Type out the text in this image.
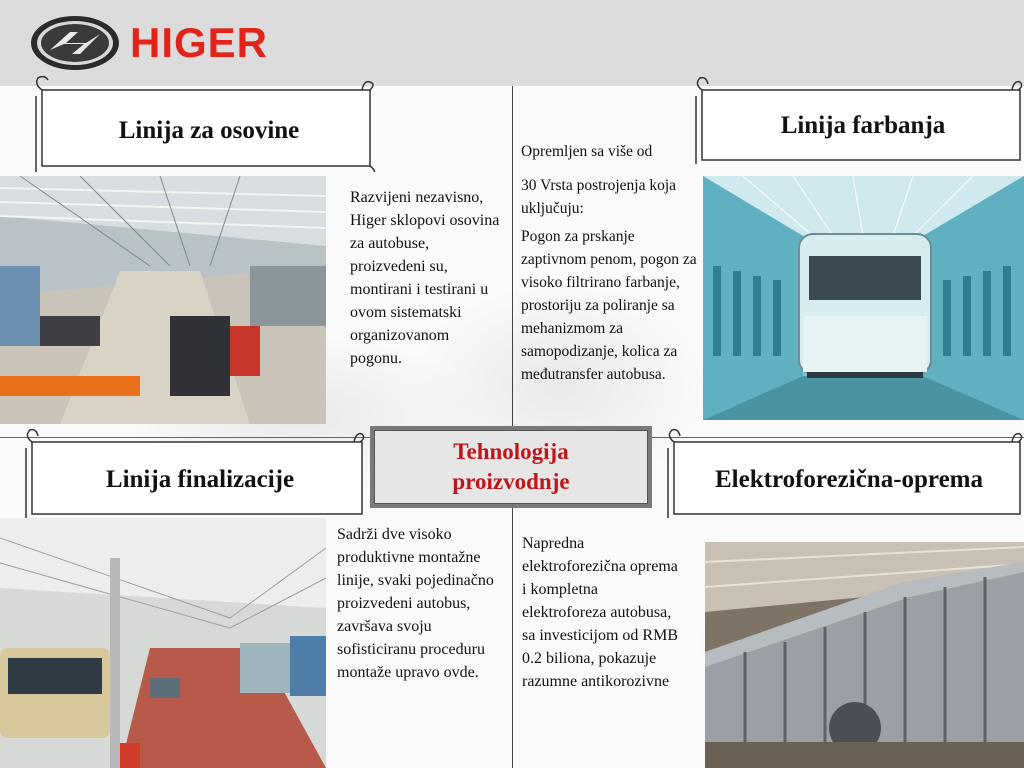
HIGER
Linija za osovine	Linija farbanja
Linija finalizacije	Elektroforezična-oprema
Razvijeni nezavisno, Higer sklopovi osovina za autobuse, proizvedeni su, montirani i testirani u ovom sistematski organizovanom pogonu.

Opremljen sa više od

30 Vrsta postrojenja koja uključuju:

Pogon za prskanje zaptivnom penom, pogon za visoko filtrirano farbanje, prostoriju za poliranje sa mehanizmom za samopodizanje, kolica za međutransfer autobusa.

Sadrži dve visoko produktivne montažne linije, svaki pojedinačno proizvedeni autobus, završava svoju sofisticiranu proceduru montaže upravo ovde.
Napredna elektroforezična oprema i kompletna elektroforeza autobusa, sa investicijom od RMB 0.2 biliona, pokazuje razumne antikorozivne
Tehnologija
proizvodnje
